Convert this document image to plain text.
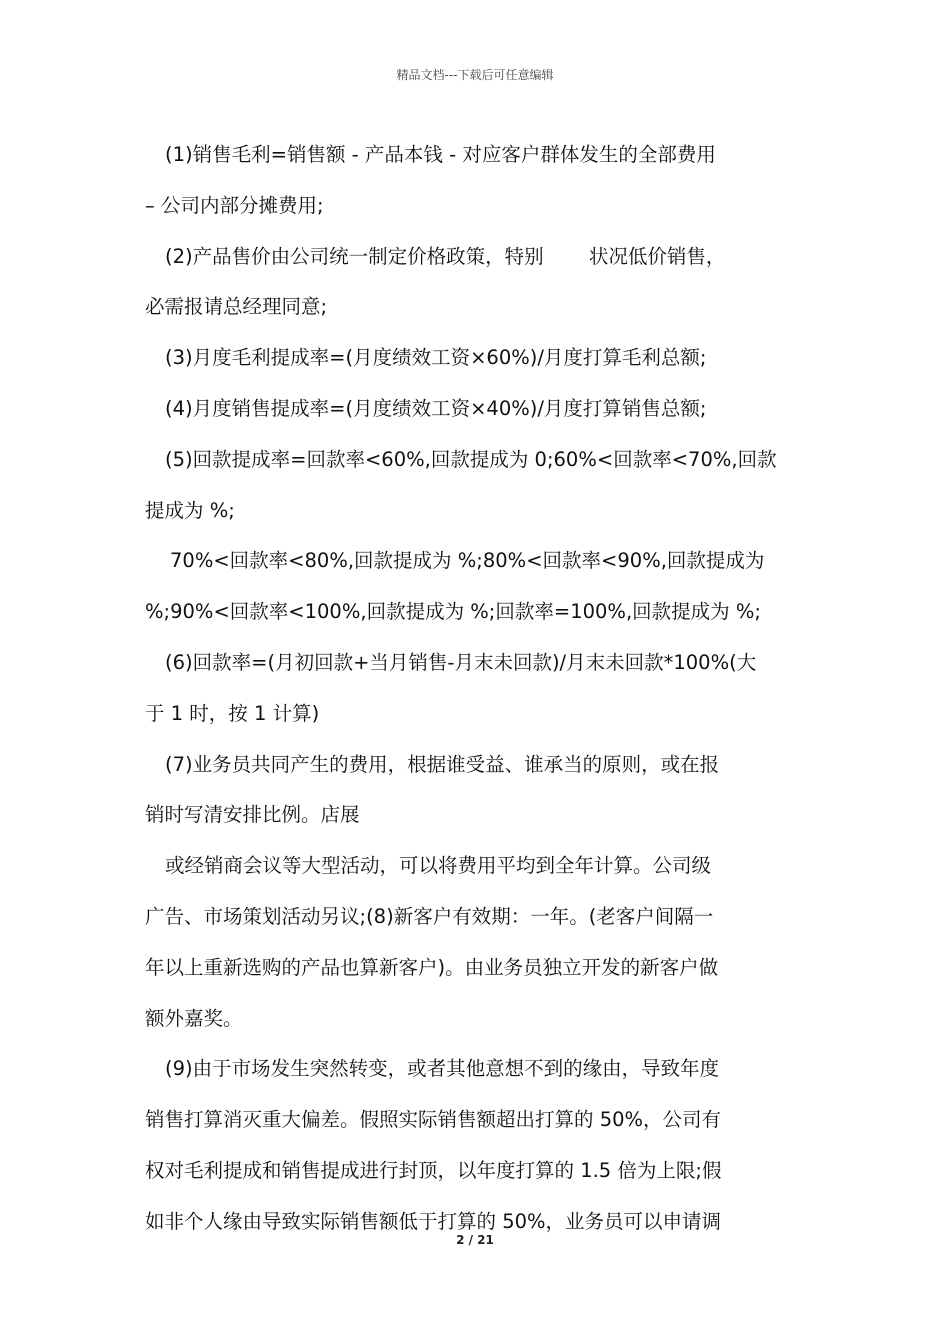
精品文档---下载后可任意编辑
(1)销售毛利=销售额 - 产品本钱 - 对应客户群体发生的全部费用
– 公司内部分摊费用;
(2)产品售价由公司统一制定价格政策，特别　　 状况低价销售，
必需报请总经理同意;
(3)月度毛利提成率=(月度绩效工资×60%)/月度打算毛利总额;
(4)月度销售提成率=(月度绩效工资×40%)/月度打算销售总额;
(5)回款提成率=回款率<60%,回款提成为 0;60%<回款率<70%,回款
提成为 %;
70%<回款率<80%,回款提成为 %;80%<回款率<90%,回款提成为
%;90%<回款率<100%,回款提成为 %;回款率=100%,回款提成为 %;
(6)回款率=(月初回款+当月销售-月末未回款)/月末未回款*100%(大
于 1 时，按 1 计算)
(7)业务员共同产生的费用，根据谁受益、谁承当的原则，或在报
销时写清安排比例。店展
或经销商会议等大型活动，可以将费用平均到全年计算。公司级
广告、市场策划活动另议;(8)新客户有效期：一年。(老客户间隔一
年以上重新选购的产品也算新客户)。由业务员独立开发的新客户做
额外嘉奖。
(9)由于市场发生突然转变，或者其他意想不到的缘由，导致年度
销售打算消灭重大偏差。假照实际销售额超出打算的 50%，公司有
权对毛利提成和销售提成进行封顶，以年度打算的 1.5 倍为上限;假
如非个人缘由导致实际销售额低于打算的 50%，业务员可以申请调
2 / 21
